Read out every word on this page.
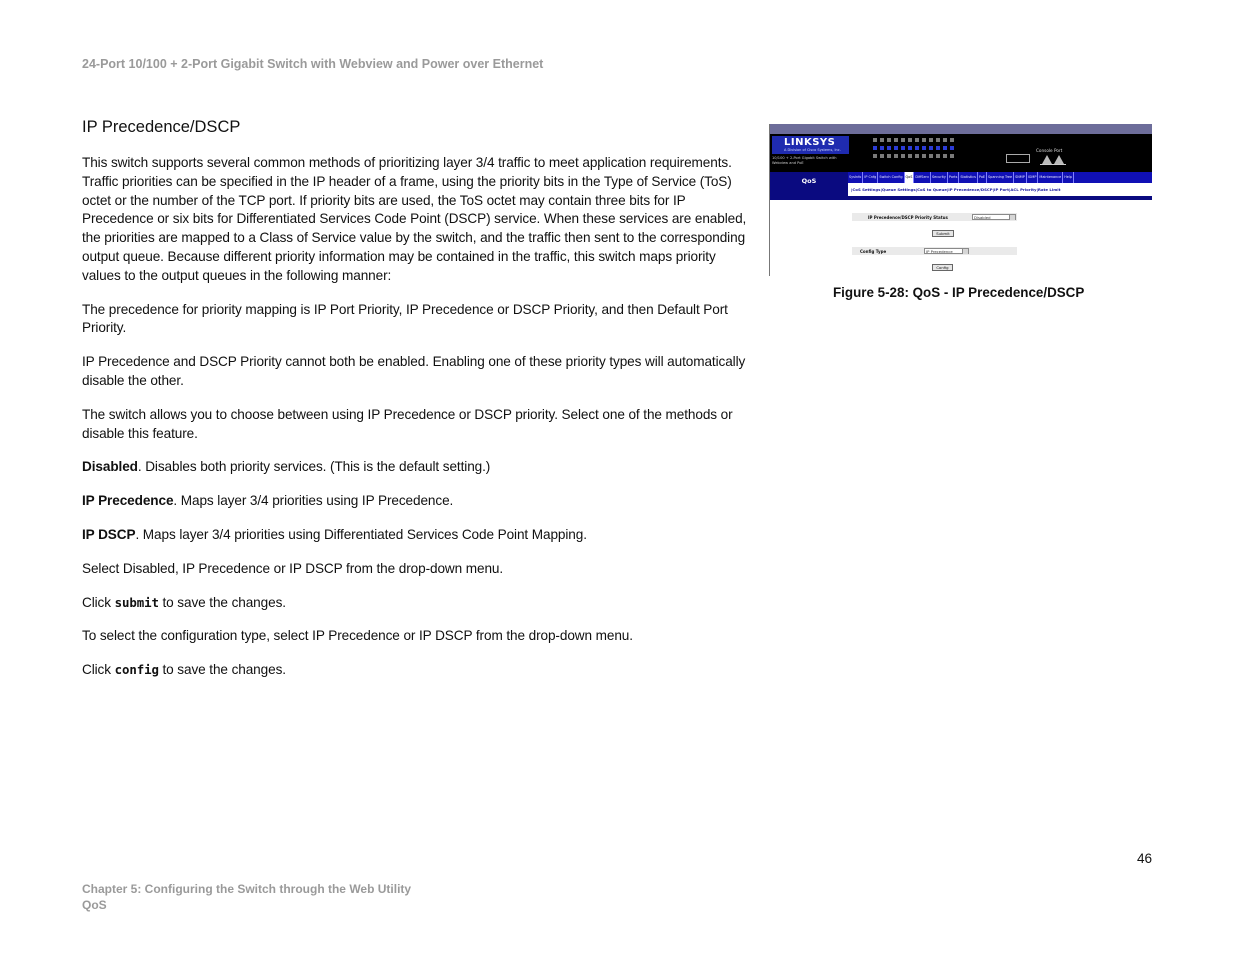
24-Port 10/100 + 2-Port Gigabit Switch with Webview and Power over Ethernet
IP Precedence/DSCP

This switch supports several common methods of prioritizing layer 3/4 traffic to meet application requirements. Traffic priorities can be specified in the IP header of a frame, using the priority bits in the Type of Service (ToS) octet or the number of the TCP port. If priority bits are used, the ToS octet may contain three bits for IP Precedence or six bits for Differentiated Services Code Point (DSCP) service. When these services are enabled, the priorities are mapped to a Class of Service value by the switch, and the traffic then sent to the corresponding output queue. Because different priority information may be contained in the traffic, this switch maps priority values to the output queues in the following manner:

The precedence for priority mapping is IP Port Priority, IP Precedence or DSCP Priority, and then Default Port Priority.

IP Precedence and DSCP Priority cannot both be enabled. Enabling one of these priority types will automatically disable the other.

The switch allows you to choose between using IP Precedence or DSCP priority. Select one of the methods or disable this feature.

Disabled. Disables both priority services. (This is the default setting.)

IP Precedence. Maps layer 3/4 priorities using IP Precedence.

IP DSCP. Maps layer 3/4 priorities using Differentiated Services Code Point Mapping.

Select Disabled, IP Precedence or IP DSCP from the drop-down menu.

Click submit to save the changes.

To select the configuration type, select IP Precedence or IP DSCP from the drop-down menu.

Click config to save the changes.

LINKSYS
A Division of Cisco Systems, Inc.
10/100 + 2-Port Gigabit Switch with Webview and PoE
Console Port
QoS	SysInfo IP Cnfg Switch Config QoS DiffServ Security Ports Statistics PoE Spanning Tree SNMP IGMP Maintenance Help
|CoS Settings|Queue Settings|CoS to Queue|IP Precedence/DSCP|IP Port|ACL Priority|Rate Limit
IP Precedence/DSCP Priority Status	Disabled
Submit
Config Type	IP Precedence
Config
Figure 5-28: QoS - IP Precedence/DSCP
46
Chapter 5: Configuring the Switch through the Web Utility
QoS
